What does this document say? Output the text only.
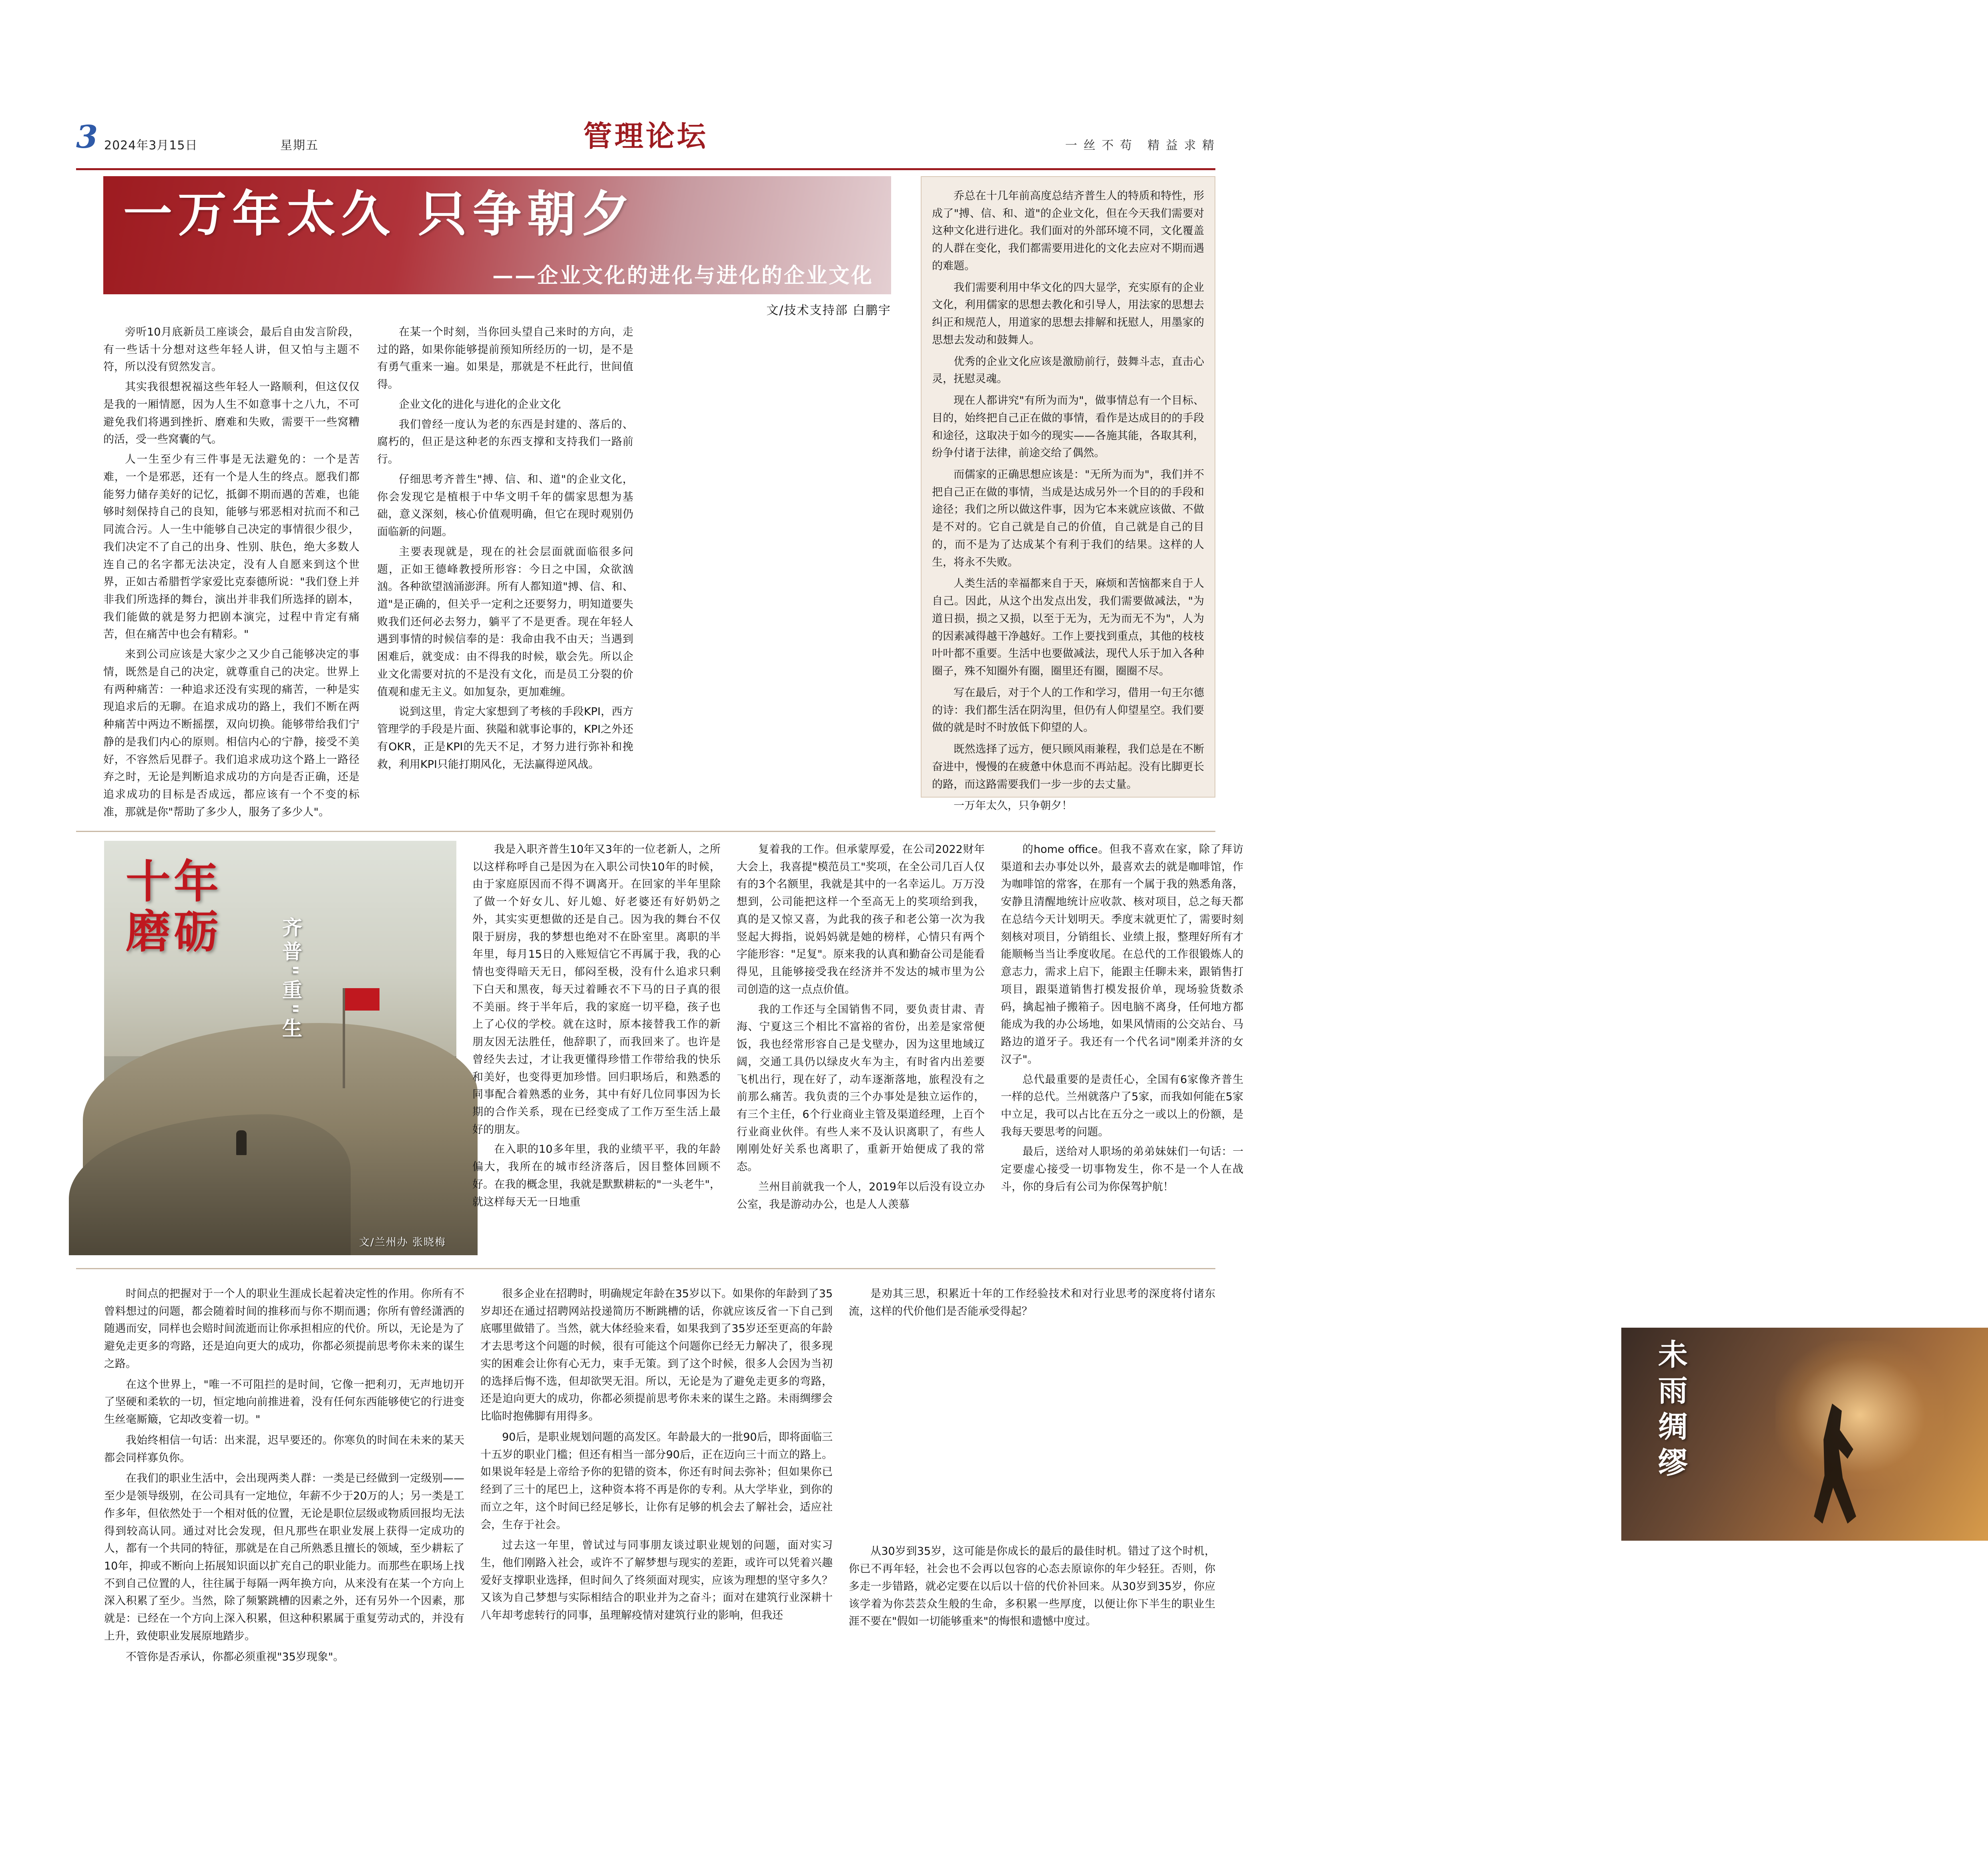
3 2024年3月15日	星期五	管理论坛	一 丝 不 苟 精 益 求 精
一万年太久 只争朝夕
——企业文化的进化与进化的企业文化
文/技术支持部 白鹏宇

旁听10月底新员工座谈会，最后自由发言阶段，有一些话十分想对这些年轻人讲，但又怕与主题不符，所以没有贸然发言。

其实我很想祝福这些年轻人一路顺利，但这仅仅是我的一厢情愿，因为人生不如意事十之八九，不可避免我们将遇到挫折、磨难和失败，需要干一些窝糟的活，受一些窝囊的气。

人一生至少有三件事是无法避免的：一个是苦难，一个是邪恶，还有一个是人生的终点。愿我们都能努力储存美好的记忆，抵御不期而遇的苦难，也能够时刻保持自己的良知，能够与邪恶相对抗而不和己同流合污。人一生中能够自己决定的事情很少很少，我们决定不了自己的出身、性别、肤色，绝大多数人连自己的名字都无法决定，没有人自愿来到这个世界，正如古希腊哲学家爱比克泰德所说："我们登上并非我们所选择的舞台，演出并非我们所选择的剧本，我们能做的就是努力把剧本演完，过程中肯定有痛苦，但在痛苦中也会有精彩。"

来到公司应该是大家少之又少自己能够决定的事情，既然是自己的决定，就尊重自己的决定。世界上有两种痛苦：一种追求还没有实现的痛苦，一种是实现追求后的无聊。在追求成功的路上，我们不断在两种痛苦中两边不断摇摆，双向切换。能够带给我们宁静的是我们内心的原则。相信内心的宁静，接受不美好，不容然后见群子。我们追求成功这个路上一路径弃之时，无论是判断追求成功的方向是否正确，还是追求成功的目标是否成远，都应该有一个不变的标准，那就是你"帮助了多少人，服务了多少人"。

在某一个时刻，当你回头望自己来时的方向，走过的路，如果你能够提前预知所经历的一切，是不是有勇气重来一遍。如果是，那就是不枉此行，世间值得。

企业文化的进化与进化的企业文化

我们曾经一度认为老的东西是封建的、落后的、腐朽的，但正是这种老的东西支撑和支持我们一路前行。

仔细思考齐普生"搏、信、和、道"的企业文化，你会发现它是植根于中华文明千年的儒家思想为基础，意义深刻，核心价值观明确，但它在现时观别仍面临新的问题。

主要表现就是，现在的社会层面就面临很多问题，正如王德峰教授所形容：今日之中国，众欲汹汹。各种欲望汹涌澎湃。所有人都知道"搏、信、和、道"是正确的，但关乎一定利之还要努力，明知道要失败我们还何必去努力，躺平了不是更香。现在年轻人遇到事情的时候信奉的是：我命由我不由天；当遇到困难后，就变成：由不得我的时候，歇会先。所以企业文化需要对抗的不是没有文化，而是员工分裂的价值观和虚无主义。如加复杂，更加难缠。

说到这里，肯定大家想到了考核的手段KPI，西方管理学的手段是片面、狭隘和就事论事的，KPI之外还有OKR，正是KPI的先天不足，才努力进行弥补和挽救，利用KPI只能打期风化，无法赢得逆风战。

乔总在十几年前高度总结齐普生人的特质和特性，形成了"搏、信、和、道"的企业文化，但在今天我们需要对这种文化进行进化。我们面对的外部环境不同，文化覆盖的人群在变化，我们都需要用进化的文化去应对不期而遇的难题。

我们需要利用中华文化的四大显学，充实原有的企业文化，利用儒家的思想去教化和引导人，用法家的思想去纠正和规范人，用道家的思想去排解和抚慰人，用墨家的思想去发动和鼓舞人。

优秀的企业文化应该是激励前行，鼓舞斗志，直击心灵，抚慰灵魂。

现在人都讲究"有所为而为"，做事情总有一个目标、目的，始终把自己正在做的事情，看作是达成目的的手段和途径，这取决于如今的现实——各施其能，各取其利，纷争付诸于法律，前途交给了偶然。

而儒家的正确思想应该是："无所为而为"，我们并不把自己正在做的事情，当成是达成另外一个目的的手段和途径；我们之所以做这件事，因为它本来就应该做、不做是不对的。它自己就是自己的价值，自己就是自己的目的，而不是为了达成某个有利于我们的结果。这样的人生，将永不失败。

人类生活的幸福都来自于天，麻烦和苦恼都来自于人自己。因此，从这个出发点出发，我们需要做减法，"为道日损，损之又损，以至于无为，无为而无不为"，人为的因素减得越干净越好。工作上要找到重点，其他的枝枝叶叶都不重要。生活中也要做减法，现代人乐于加入各种圈子，殊不知圈外有圈，圈里还有圈，圈圈不尽。

写在最后，对于个人的工作和学习，借用一句王尔德的诗：我们都生活在阴沟里，但仍有人仰望星空。我们要做的就是时不时放低下仰望的人。

既然选择了远方，便只顾风雨兼程，我们总是在不断奋进中，慢慢的在疲惫中休息而不再站起。没有比脚更长的路，而这路需要我们一步一步的去丈量。

一万年太久，只争朝夕！

十年磨砺	齐普"重"生
文/兰州办 张晓梅

我是入职齐普生10年又3年的一位老新人，之所以这样称呼自己是因为在入职公司快10年的时候，由于家庭原因而不得不调离开。在回家的半年里除了做一个好女儿、好儿媳、好老婆还有好奶奶之外，其实实更想做的还是自己。因为我的舞台不仅限于厨房，我的梦想也绝对不在卧室里。离职的半年里，每月15日的入账短信它不再属于我，我的心情也变得暗天无日，郁闷至极，没有什么追求只剩下白天和黑夜，每天过着睡衣不下马的日子真的很不美丽。终于半年后，我的家庭一切平稳，孩子也上了心仪的学校。就在这时，原本接替我工作的新朋友因无法胜任，他辞职了，而我回来了。也许是曾经失去过，才让我更懂得珍惜工作带给我的快乐和美好，也变得更加珍惜。回归职场后，和熟悉的同事配合着熟悉的业务，其中有好几位同事因为长期的合作关系，现在已经变成了工作万至生活上最好的朋友。

在入职的10多年里，我的业绩平平，我的年龄偏大，我所在的城市经济落后，因目整体回顾不好。在我的概念里，我就是默默耕耘的"一头老牛"，就这样每天无一日地重

复着我的工作。但承蒙厚爱，在公司2022财年大会上，我喜提"模范员工"奖项，在全公司几百人仅有的3个名额里，我就是其中的一名幸运儿。万万没想到，公司能把这样一个至高无上的奖项给到我，真的是又惊又喜，为此我的孩子和老公第一次为我竖起大拇指，说妈妈就是她的榜样，心情只有两个字能形容："足复"。原来我的认真和勤奋公司是能看得见，且能够接受我在经济并不发达的城市里为公司创造的这一点点价值。

我的工作还与全国销售不同，要负责甘肃、青海、宁夏这三个相比不富裕的省份，出差是家常便饭，我也经常形容自己是戈壁办，因为这里地域辽阔，交通工具仍以绿皮火车为主，有时省内出差要飞机出行，现在好了，动车逐渐落地，旅程没有之前那么痛苦。我负责的三个办事处是独立运作的，有三个主任，6个行业商业主管及渠道经理，上百个行业商业伙伴。有些人来不及认识离职了，有些人刚刚处好关系也离职了，重新开始便成了我的常态。

兰州目前就我一个人，2019年以后没有设立办公室，我是游动办公，也是人人羡慕

的home office。但我不喜欢在家，除了拜访渠道和去办事处以外，最喜欢去的就是咖啡馆，作为咖啡馆的常客，在那有一个属于我的熟悉角落，安静且清醒地统计应收款、核对项目，总之每天都在总结今天计划明天。季度末就更忙了，需要时刻刻核对项目，分销组长、业绩上报，整理好所有才能顺畅当当让季度收尾。在总代的工作很锻炼人的意志力，需求上启下，能跟主任聊未来，跟销售打项目，跟渠道销售打模发报价单，现场验货数杀码，擒起袖子搬箱子。因电脑不离身，任何地方都能成为我的办公场地，如果风情雨的公交站台、马路边的道牙子。我还有一个代名词"刚柔并济的女汉子"。

总代最重要的是责任心，全国有6家像齐普生一样的总代。兰州就落户了5家，而我如何能在5家中立足，我可以占比在五分之一或以上的份额，是我每天要思考的问题。

最后，送给对人职场的弟弟妹妹们一句话：一定要虚心接受一切事物发生，你不是一个人在战斗，你的身后有公司为你保驾护航！

时间点的把握对于一个人的职业生涯成长起着决定性的作用。你所有不曾料想过的问题，都会随着时间的推移而与你不期而遇；你所有曾经潇洒的随遇而安，同样也会赔时间流逝而让你承担相应的代价。所以，无论是为了避免走更多的弯路，还是迫向更大的成功，你都必须提前思考你未来的谋生之路。

在这个世界上，"唯一不可阻拦的是时间，它像一把利刃，无声地切开了坚硬和柔软的一切，恒定地向前推进着，没有任何东西能够使它的行进变生丝毫厮簸，它却改变着一切。"

我始终相信一句话：出来混，迟早要还的。你寒负的时间在未来的某天都会同样寡负你。

在我们的职业生活中，会出现两类人群：一类是已经做到一定级别——至少是领导级别，在公司具有一定地位，年薪不少于20万的人；另一类是工作多年，但依然处于一个相对低的位置，无论是职位层级或物质回报均无法得到较高认同。通过对比会发现，但凡那些在职业发展上获得一定成功的人，都有一个共同的特征，那就是在自己所熟悉且擅长的领域，至少耕耘了10年，抑或不断向上拓展知识面以扩充自己的职业能力。而那些在职场上找不到自己位置的人，往往属于每隔一两年换方向，从来没有在某一个方向上深入积累了至少。当然，除了频繁跳槽的因素之外，还有另外一个因素，那就是：已经在一个方向上深入积累，但这种积累属于重复劳动式的，并没有上升，致使职业发展原地踏步。

不管你是否承认，你都必须重视"35岁现象"。

很多企业在招聘时，明确规定年龄在35岁以下。如果你的年龄到了35岁却还在通过招聘网站投递简历不断跳槽的话，你就应该反省一下自己到底哪里做错了。当然，就大体经验来看，如果我到了35岁还至更高的年龄才去思考这个问题的时候，很有可能这个问题你已经无力解决了，很多现实的困难会让你有心无力，束手无策。到了这个时候，很多人会因为当初的选择后悔不选，但却欲哭无泪。所以，无论是为了避免走更多的弯路，还是迫向更大的成功，你都必须提前思考你未来的谋生之路。未雨绸缪会比临时抱佛脚有用得多。

90后，是职业规划问题的高发区。年龄最大的一批90后，即将面临三十五岁的职业门槛；但还有相当一部分90后，正在迈向三十而立的路上。如果说年轻是上帝给予你的犯错的资本，你还有时间去弥补；但如果你已经到了三十的尾巴上，这种资本将不再是你的专利。从大学毕业，到你的而立之年，这个时间已经足够长，让你有足够的机会去了解社会，适应社会，生存于社会。

过去这一年里，曾试过与同事朋友谈过职业规划的问题，面对实习生，他们刚路入社会，或许不了解梦想与现实的差距，或许可以凭着兴趣爱好支撑职业选择，但时间久了终须面对现实，应该为理想的坚守多久？又该为自己梦想与实际相结合的职业并为之奋斗；面对在建筑行业深耕十八年却考虑转行的同事，虽理解疫情对建筑行业的影响，但我还

是劝其三思，积累近十年的工作经验技术和对行业思考的深度将付诸东流，这样的代价他们是否能承受得起？

未雨绸缪

从30岁到35岁，这可能是你成长的最后的最佳时机。错过了这个时机，你已不再年轻，社会也不会再以包容的心态去原谅你的年少轻狂。否则，你多走一步错路，就必定要在以后以十倍的代价补回来。从30岁到35岁，你应该学着为你芸芸众生般的生命，多积累一些厚度，以便让你下半生的职业生涯不要在"假如一切能够重来"的悔恨和遗憾中度过。
